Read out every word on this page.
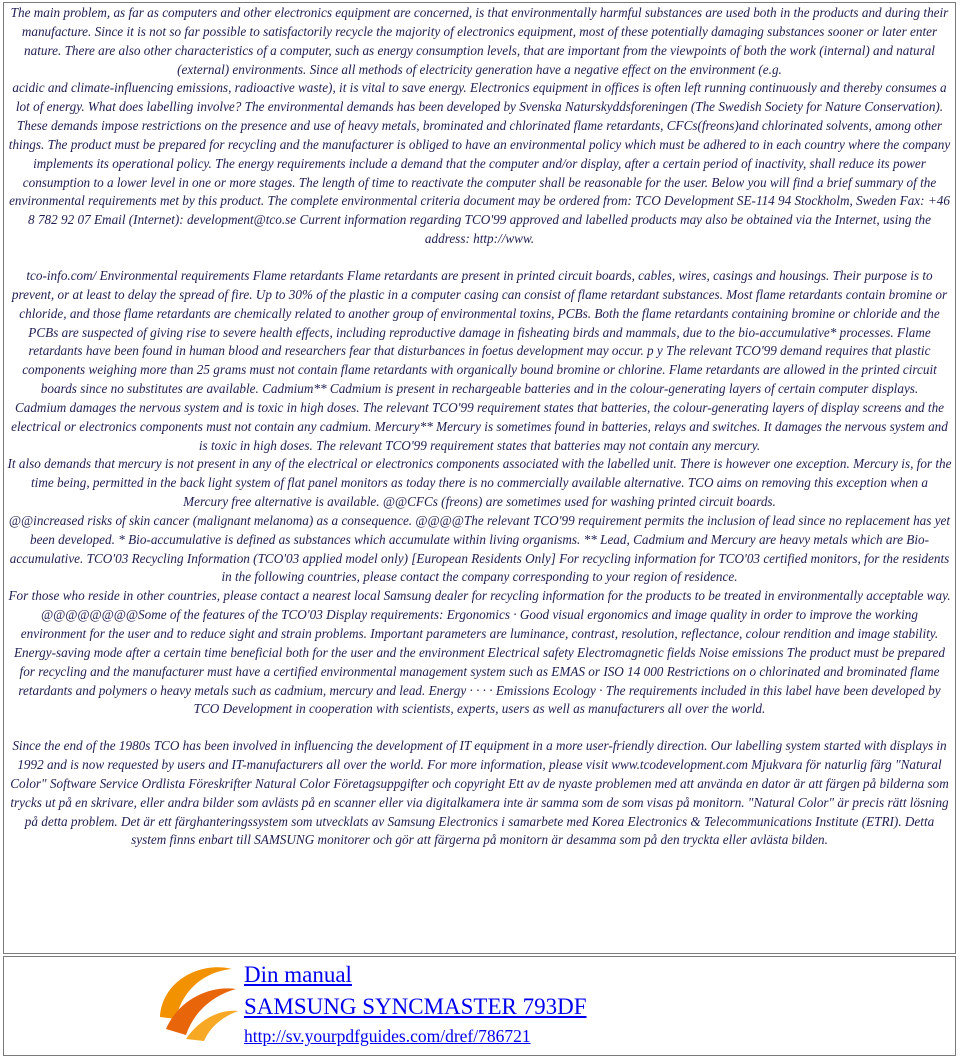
The main problem, as far as computers and other electronics equipment are concerned, is that environmentally harmful substances are used both in the products and during their manufacture. Since it is not so far possible to satisfactorily recycle the majority of electronics equipment, most of these potentially damaging substances sooner or later enter nature. There are also other characteristics of a computer, such as energy consumption levels, that are important from the viewpoints of both the work (internal) and natural (external) environments. Since all methods of electricity generation have a negative effect on the environment (e.g.

acidic and climate-influencing emissions, radioactive waste), it is vital to save energy. Electronics equipment in offices is often left running continuously and thereby consumes a lot of energy. What does labelling involve? The environmental demands has been developed by Svenska Naturskyddsforeningen (The Swedish Society for Nature Conservation). These demands impose restrictions on the presence and use of heavy metals, brominated and chlorinated flame retardants, CFCs(freons)and chlorinated solvents, among other things. The product must be prepared for recycling and the manufacturer is obliged to have an environmental policy which must be adhered to in each country where the company implements its operational policy. The energy requirements include a demand that the computer and/or display, after a certain period of inactivity, shall reduce its power consumption to a lower level in one or more stages. The length of time to reactivate the computer shall be reasonable for the user. Below you will find a brief summary of the environmental requirements met by this product. The complete environmental criteria document may be ordered from: TCO Development SE-114 94 Stockholm, Sweden Fax: +46 8 782 92 07 Email (Internet): development@tco.se Current information regarding TCO'99 approved and labelled products may also be obtained via the Internet, using the address: http://www.

tco-info.com/ Environmental requirements Flame retardants Flame retardants are present in printed circuit boards, cables, wires, casings and housings. Their purpose is to prevent, or at least to delay the spread of fire. Up to 30% of the plastic in a computer casing can consist of flame retardant substances. Most flame retardants contain bromine or chloride, and those flame retardants are chemically related to another group of environmental toxins, PCBs. Both the flame retardants containing bromine or chloride and the PCBs are suspected of giving rise to severe health effects, including reproductive damage in fisheating birds and mammals, due to the bio-accumulative* processes. Flame retardants have been found in human blood and researchers fear that disturbances in foetus development may occur. p y The relevant TCO'99 demand requires that plastic components weighing more than 25 grams must not contain flame retardants with organically bound bromine or chlorine. Flame retardants are allowed in the printed circuit boards since no substitutes are available. Cadmium** Cadmium is present in rechargeable batteries and in the colour-generating layers of certain computer displays.

Cadmium damages the nervous system and is toxic in high doses. The relevant TCO'99 requirement states that batteries, the colour-generating layers of display screens and the electrical or electronics components must not contain any cadmium. Mercury** Mercury is sometimes found in batteries, relays and switches. It damages the nervous system and is toxic in high doses. The relevant TCO'99 requirement states that batteries may not contain any mercury.

It also demands that mercury is not present in any of the electrical or electronics components associated with the labelled unit. There is however one exception. Mercury is, for the time being, permitted in the back light system of flat panel monitors as today there is no commercially available alternative. TCO aims on removing this exception when a Mercury free alternative is available. @@CFCs (freons) are sometimes used for washing printed circuit boards.

@@increased risks of skin cancer (malignant melanoma) as a consequence. @@@@The relevant TCO'99 requirement permits the inclusion of lead since no replacement has yet been developed. * Bio-accumulative is defined as substances which accumulate within living organisms. ** Lead, Cadmium and Mercury are heavy metals which are Bio-accumulative. TCO'03 Recycling Information (TCO'03 applied model only) [European Residents Only] For recycling information for TCO'03 certified monitors, for the residents in the following countries, please contact the company corresponding to your region of residence.

For those who reside in other countries, please contact a nearest local Samsung dealer for recycling information for the products to be treated in environmentally acceptable way. @@@@@@@@Some of the features of the TCO'03 Display requirements: Ergonomics · Good visual ergonomics and image quality in order to improve the working environment for the user and to reduce sight and strain problems. Important parameters are luminance, contrast, resolution, reflectance, colour rendition and image stability. Energy-saving mode after a certain time beneficial both for the user and the environment Electrical safety Electromagnetic fields Noise emissions The product must be prepared for recycling and the manufacturer must have a certified environmental management system such as EMAS or ISO 14 000 Restrictions on o chlorinated and brominated flame retardants and polymers o heavy metals such as cadmium, mercury and lead. Energy · · · · Emissions Ecology · The requirements included in this label have been developed by TCO Development in cooperation with scientists, experts, users as well as manufacturers all over the world.

Since the end of the 1980s TCO has been involved in influencing the development of IT equipment in a more user-friendly direction. Our labelling system started with displays in 1992 and is now requested by users and IT-manufacturers all over the world. For more information, please visit www.tcodevelopment.com Mjukvara för naturlig färg "Natural Color" Software Service Ordlista Föreskrifter Natural Color Företagsuppgifter och copyright Ett av de nyaste problemen med att använda en dator är att färgen på bilderna som trycks ut på en skrivare, eller andra bilder som avlästs på en scanner eller via digitalkamera inte är samma som de som visas på monitorn. "Natural Color" är precis rätt lösning på detta problem. Det är ett färghanteringssystem som utvecklats av Samsung Electronics i samarbete med Korea Electronics & Telecommunications Institute (ETRI). Detta system finns enbart till SAMSUNG monitorer och gör att färgerna på monitorn är desamma som på den tryckta eller avlästa bilden.

Din manual
SAMSUNG SYNCMASTER 793DF
http://sv.yourpdfguides.com/dref/786721
